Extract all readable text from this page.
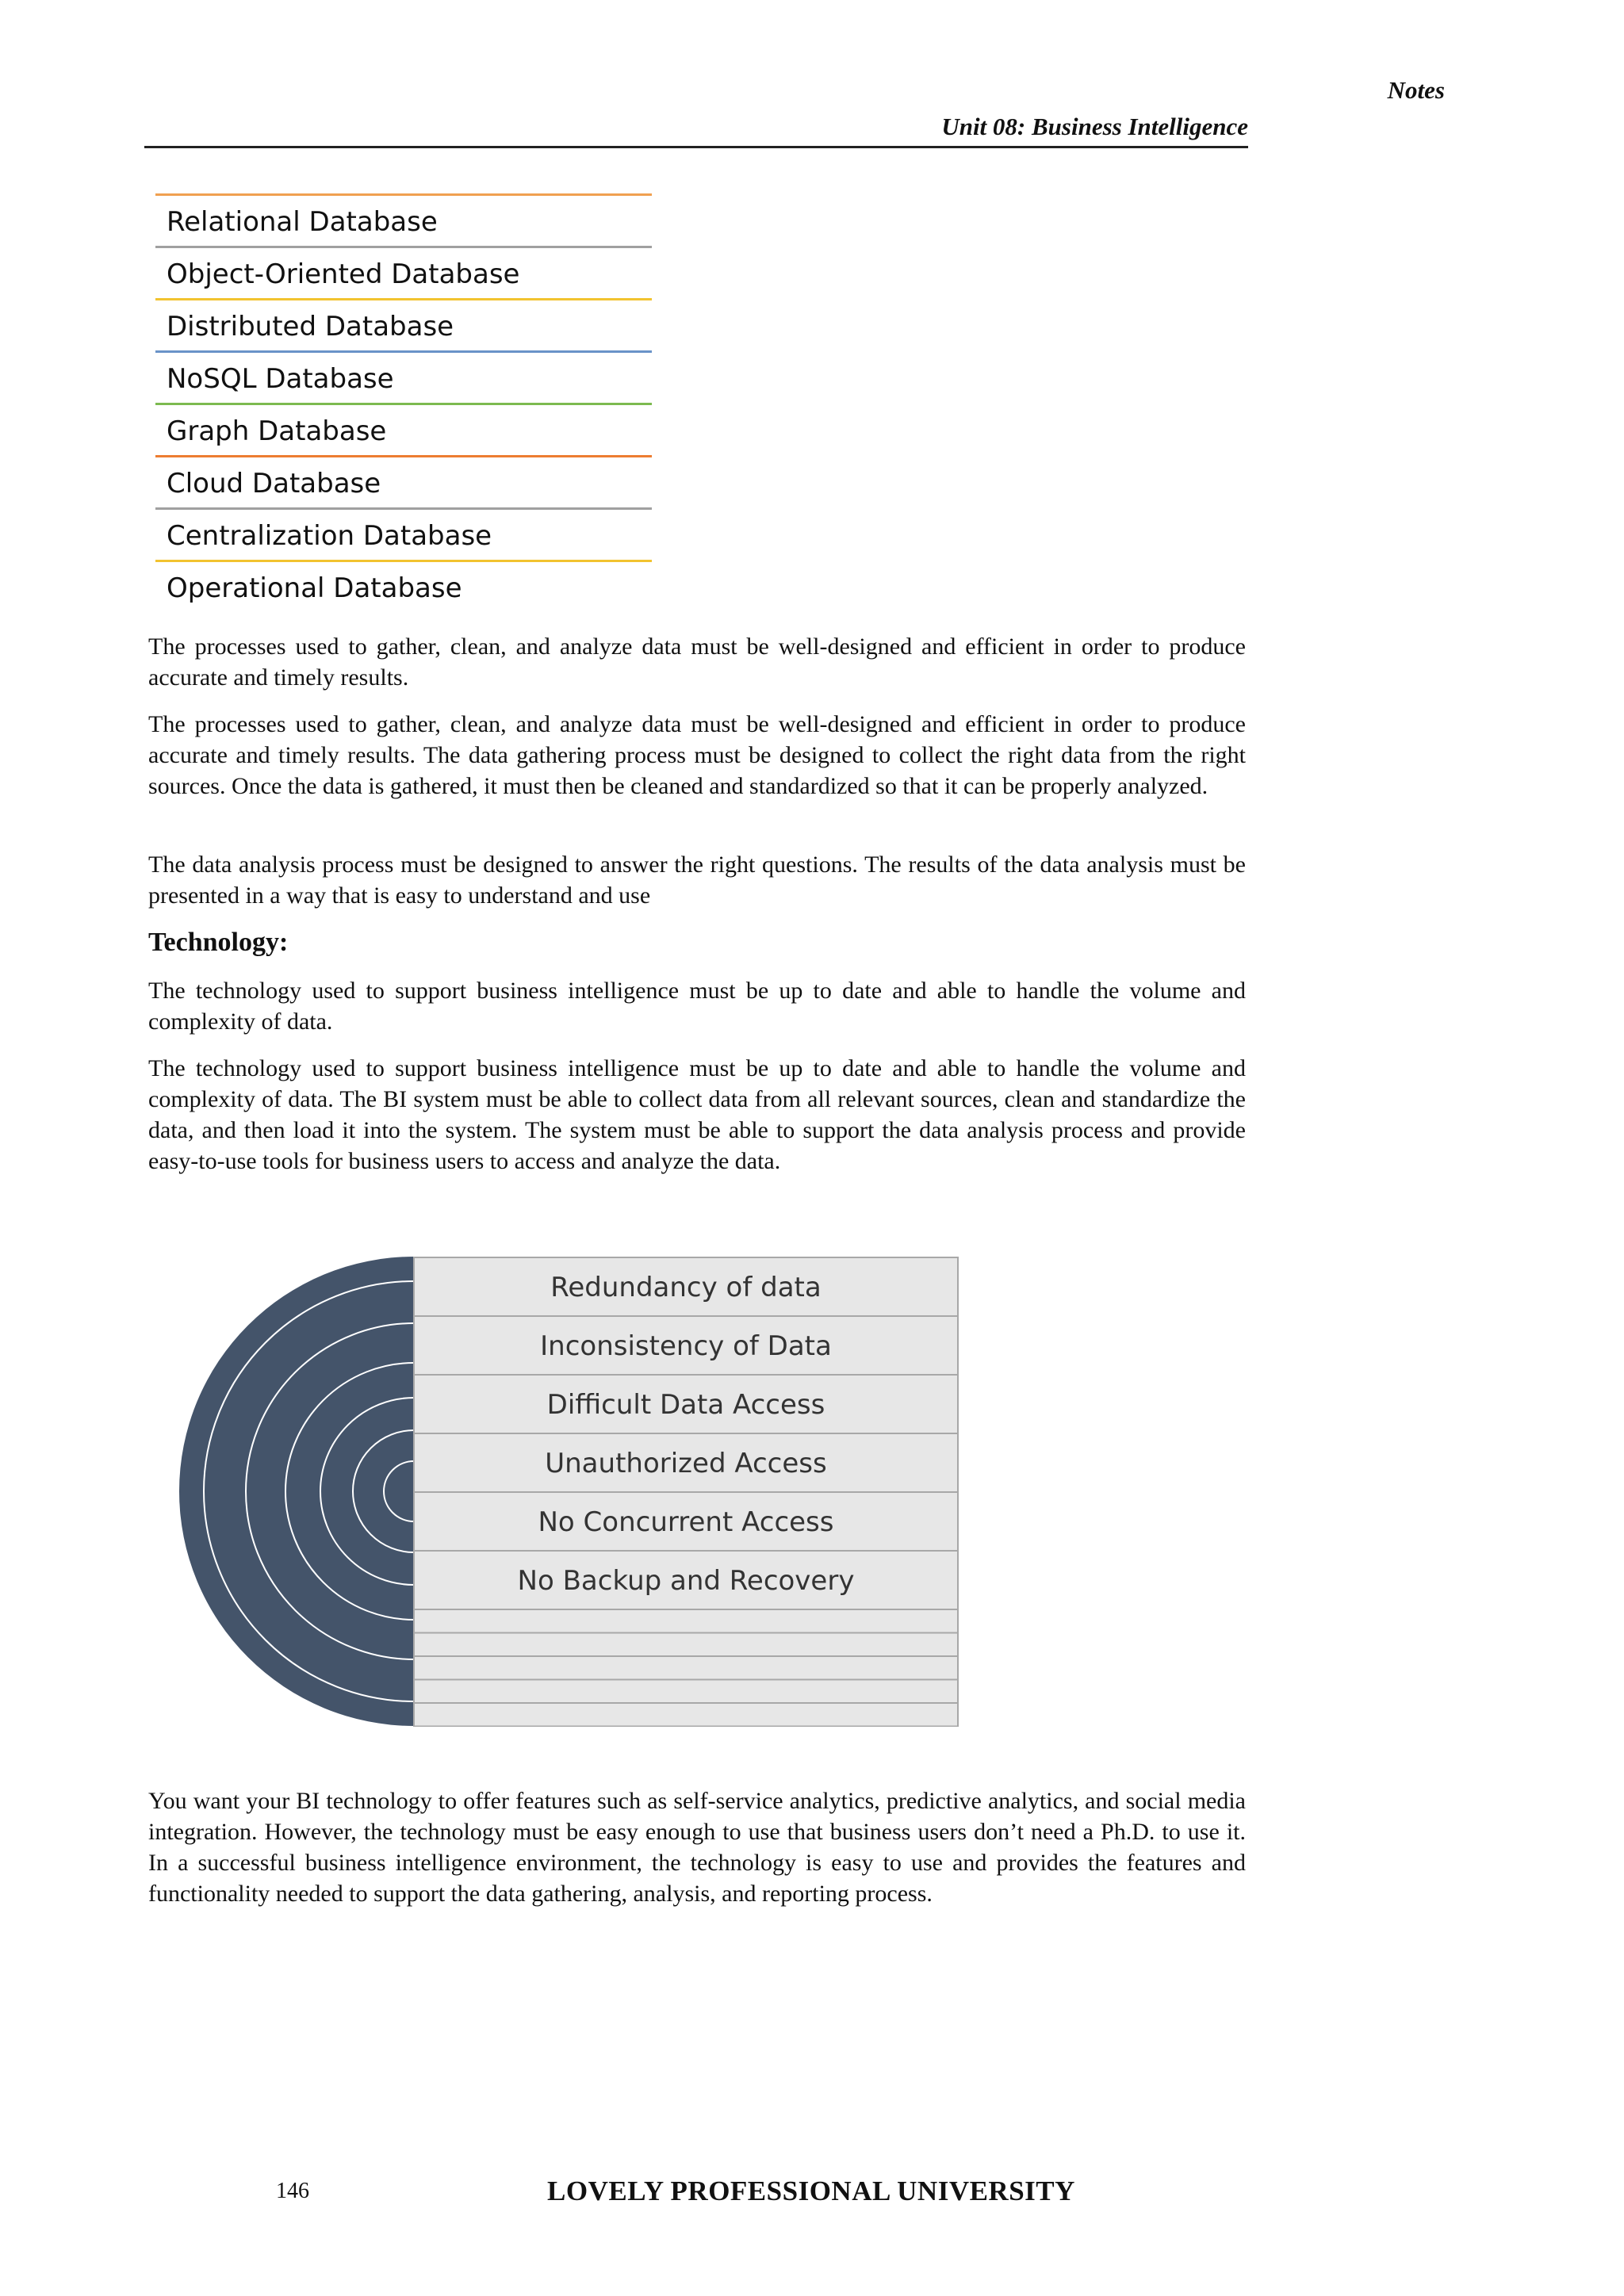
Notes
Unit 08: Business Intelligence
Relational Database
Object-Oriented Database
Distributed Database
NoSQL Database
Graph Database
Cloud Database
Centralization Database
Operational Database

The processes used to gather, clean, and analyze data must be well-designed and efficient in order to produce accurate and timely results.

The processes used to gather, clean, and analyze data must be well-designed and efficient in order to produce accurate and timely results. The data gathering process must be designed to collect the right data from the right sources. Once the data is gathered, it must then be cleaned and standardized so that it can be properly analyzed.

The data analysis process must be designed to answer the right questions. The results of the data analysis must be presented in a way that is easy to understand and use

Technology:

The technology used to support business intelligence must be up to date and able to handle the volume and complexity of data.

The technology used to support business intelligence must be up to date and able to handle the volume and complexity of data. The BI system must be able to collect data from all relevant sources, clean and standardize the data, and then load it into the system. The system must be able to support the data analysis process and provide easy-to-use tools for business users to access and analyze the data.

Redundancy of data
Inconsistency of Data
Difficult Data Access
Unauthorized Access
No Concurrent Access
No Backup and Recovery

You want your BI technology to offer features such as self-service analytics, predictive analytics, and social media integration. However, the technology must be easy enough to use that business users don’t need a Ph.D. to use it. In a successful business intelligence environment, the technology is easy to use and provides the features and functionality needed to support the data gathering, analysis, and reporting process.

146	LOVELY PROFESSIONAL UNIVERSITY
